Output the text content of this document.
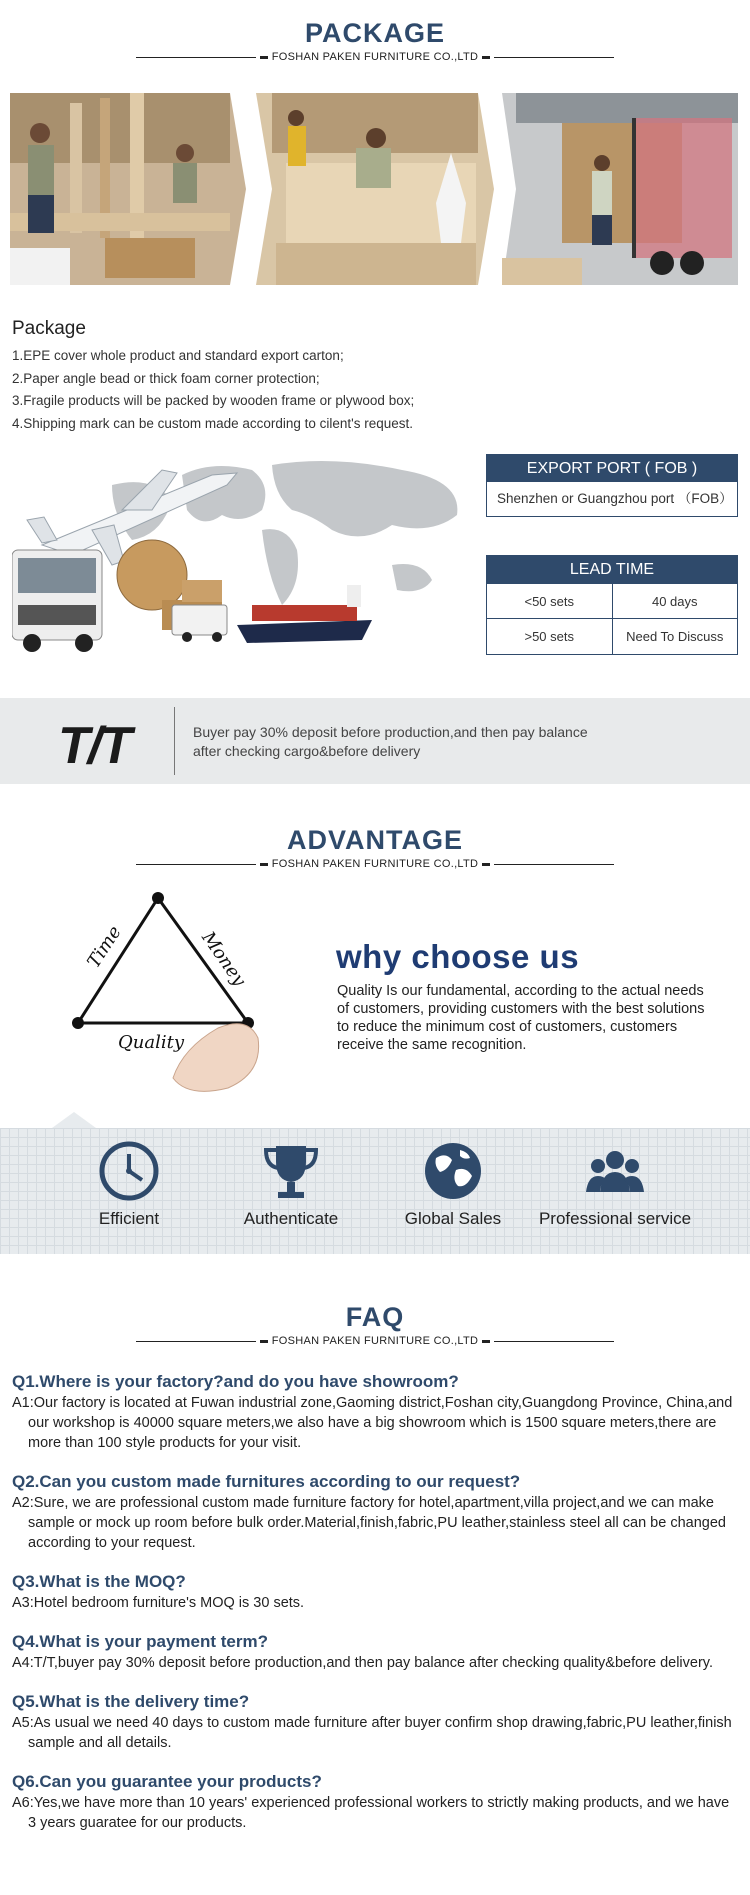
PACKAGE
FOSHAN PAKEN FURNITURE CO.,LTD
Package
1.EPE cover whole product and standard export carton;
2.Paper angle bead or thick foam corner protection;
3.Fragile products will be packed by wooden frame or plywood box;
4.Shipping mark can be custom made according to cilent's request.
EXPORT PORT ( FOB )
Shenzhen or Guangzhou port （FOB）
LEAD TIME
<50 sets	40 days
>50 sets	Need To Discuss
T/T	Buyer pay 30% deposit before production,and then pay balance after checking cargo&before delivery
ADVANTAGE
FOSHAN PAKEN FURNITURE CO.,LTD
Time	Money
Quality
why choose us
Quality Is our fundamental, according to the actual needs of customers, providing customers with the best solutions to reduce the minimum cost of customers, customers receive the same recognition.
Efficient	Authenticate	Global Sales	Professional service
FAQ
FOSHAN PAKEN FURNITURE CO.,LTD
Q1.Where is your factory?and do you have showroom?
A1:Our factory is located at Fuwan industrial zone,Gaoming district,Foshan city,Guangdong Province, China,and our workshop is 40000 square meters,we also have a big showroom which is 1500 square meters,there are more than 100 style products for your visit.
Q2.Can you custom made furnitures according to our request?
A2:Sure, we are professional custom made furniture factory for hotel,apartment,villa project,and we can make sample or mock up room before bulk order.Material,finish,fabric,PU leather,stainless steel all can be changed according to your request.
Q3.What is the MOQ?
A3:Hotel bedroom furniture's MOQ is 30 sets.
Q4.What is your payment term?
A4:T/T,buyer pay 30% deposit before production,and then pay balance after checking quality&before delivery.
Q5.What is the delivery time?
A5:As usual we need 40 days to custom made furniture after buyer confirm shop drawing,fabric,PU leather,finish sample and all details.
Q6.Can you guarantee your products?
A6:Yes,we have more than 10 years' experienced professional workers to strictly making products, and we have 3 years guaratee for our products.
